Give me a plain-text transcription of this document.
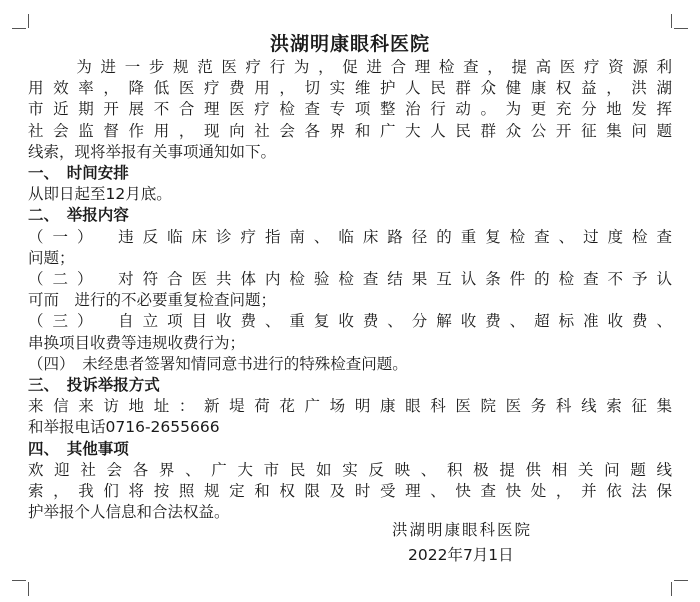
洪湖明康眼科医院

　　为进一步规范医疗行为，促进合理检查，提高医疗资源利

用效率，降低医疗费用，切实维护人民群众健康权益，洪湖

市近期开展不合理医疗检查专项整治行动。为更充分地发挥

社会监督作用，现向社会各界和广大人民群众公开征集问题

线索，现将举报有关事项通知如下。

一、　时间安排

从即日起至12月底。

二、　举报内容

（一）　违反临床诊疗指南、临床路径的重复检查、过度检查

问题；

（二）　对符合医共体内检验检查结果互认条件的检查不予认

可而　进行的不必要重复检查问题；

（三）　自立项目收费、重复收费、分解收费、超标准收费、

串换项目收费等违规收费行为；

（四）　未经患者签署知情同意书进行的特殊检查问题。

三、　投诉举报方式

来信来访地址：新堤荷花广场明康眼科医院医务科线索征集

和举报电话0716-2655666

四、　其他事项

欢迎社会各界、广大市民如实反映、积极提供相关问题线

索，我们将按照规定和权限及时受理、快查快处，并依法保

护举报个人信息和合法权益。

洪湖明康眼科医院
2022年7月1日
